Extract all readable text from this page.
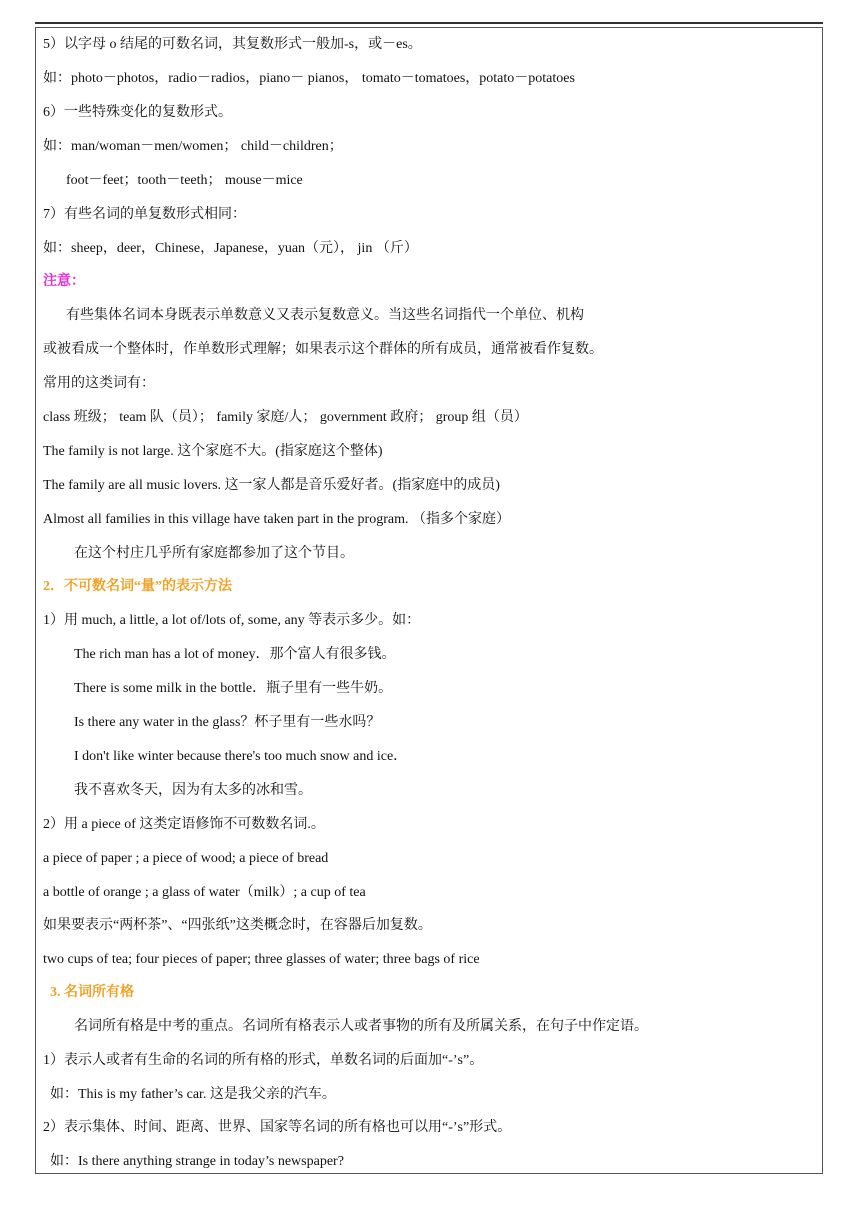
5）以字母 o 结尾的可数名词，其复数形式一般加-s，或－es。
如：photo－photos，radio－radios，piano－ pianos， tomato－tomatoes，potato－potatoes
6）一些特殊变化的复数形式。
如：man/woman－men/women； child－children；
foot－feet；tooth－teeth； mouse－mice
7）有些名词的单复数形式相同：
如：sheep，deer，Chinese，Japanese，yuan（元）， jin （斤）
注意：
有些集体名词本身既表示单数意义又表示复数意义。当这些名词指代一个单位、机构
或被看成一个整体时，作单数形式理解；如果表示这个群体的所有成员，通常被看作复数。
常用的这类词有：
class 班级； team 队（员）； family 家庭/人； government 政府； group 组（员）
The family is not large. 这个家庭不大。(指家庭这个整体)
The family are all music lovers. 这一家人都是音乐爱好者。(指家庭中的成员)
Almost all families in this village have taken part in the program. （指多个家庭）
在这个村庄几乎所有家庭都参加了这个节目。
2．不可数名词“量”的表示方法
1）用 much, a little, a lot of/lots of, some, any 等表示多少。如：
The rich man has a lot of money．那个富人有很多钱。
There is some milk in the bottle．瓶子里有一些牛奶。
Is there any water in the glass？杯子里有一些水吗？
I don't like winter because there's too much snow and ice．
我不喜欢冬天，因为有太多的冰和雪。
2）用 a piece of 这类定语修饰不可数数名词.。
a piece of paper ; a piece of wood; a piece of bread
a bottle of orange ; a glass of water（milk）; a cup of tea
如果要表示“两杯茶”、“四张纸”这类概念时，在容器后加复数。
two cups of tea; four pieces of paper; three glasses of water; three bags of rice
3. 名词所有格
名词所有格是中考的重点。名词所有格表示人或者事物的所有及所属关系，在句子中作定语。
1）表示人或者有生命的名词的所有格的形式，单数名词的后面加“-’s”。
如：This is my father’s car. 这是我父亲的汽车。
2）表示集体、时间、距离、世界、国家等名词的所有格也可以用“-’s”形式。
如：Is there anything strange in today’s newspaper?
